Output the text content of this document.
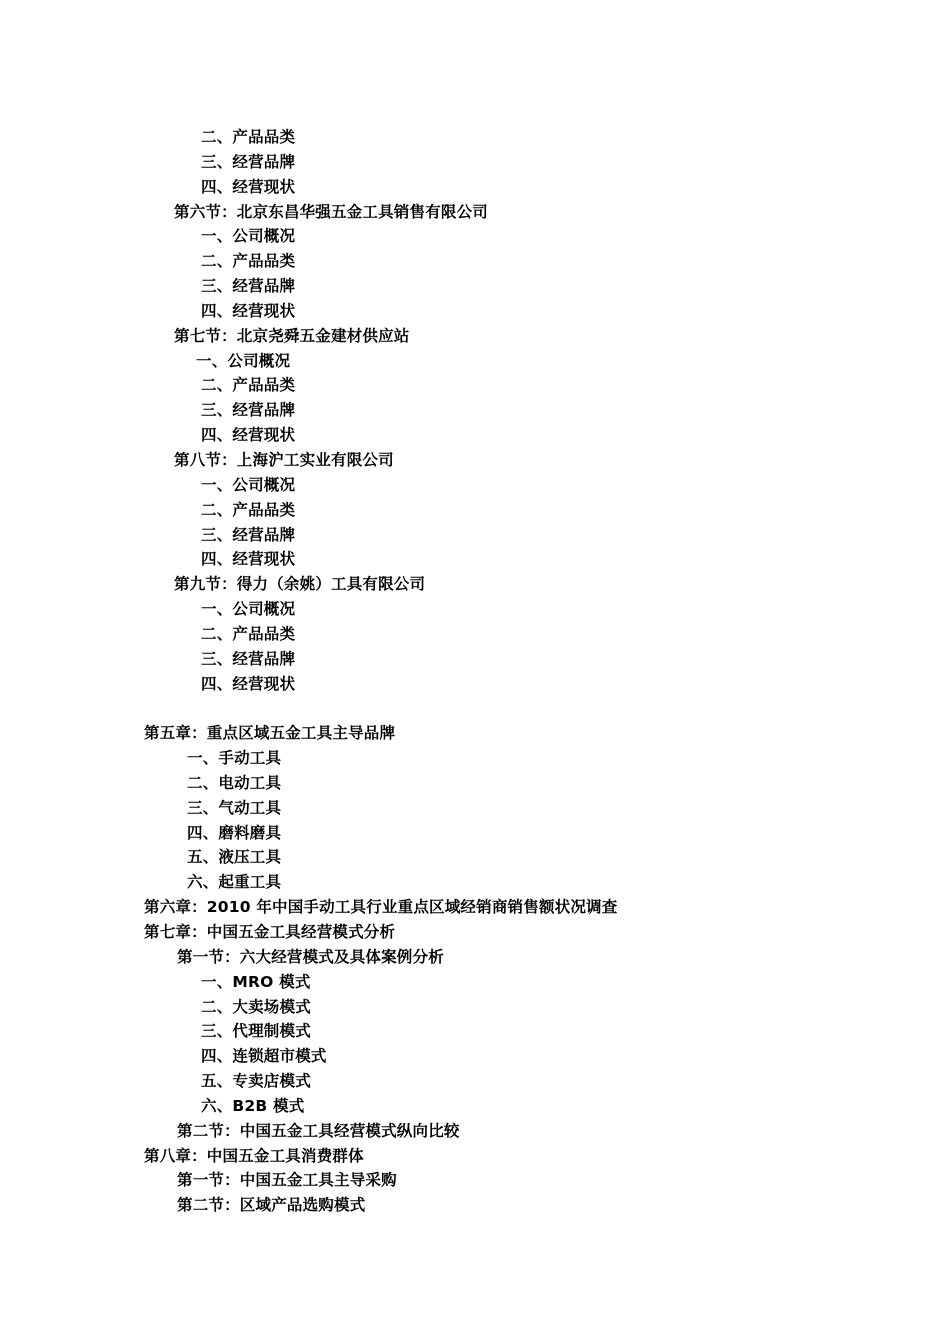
二、产品品类
三、经营品牌
四、经营现状
第六节：北京东昌华强五金工具销售有限公司
一、公司概况
二、产品品类
三、经营品牌
四、经营现状
第七节：北京尧舜五金建材供应站
一、公司概况
二、产品品类
三、经营品牌
四、经营现状
第八节：上海沪工实业有限公司
一、公司概况
二、产品品类
三、经营品牌
四、经营现状
第九节：得力（余姚）工具有限公司
一、公司概况
二、产品品类
三、经营品牌
四、经营现状
第五章：重点区域五金工具主导品牌
一、手动工具
二、电动工具
三、气动工具
四、磨料磨具
五、液压工具
六、起重工具
第六章：2010 年中国手动工具行业重点区域经销商销售额状况调查
第七章：中国五金工具经营模式分析
第一节：六大经营模式及具体案例分析
一、MRO 模式
二、大卖场模式
三、代理制模式
四、连锁超市模式
五、专卖店模式
六、B2B 模式
第二节：中国五金工具经营模式纵向比较
第八章：中国五金工具消费群体
第一节：中国五金工具主导采购
第二节：区域产品选购模式
